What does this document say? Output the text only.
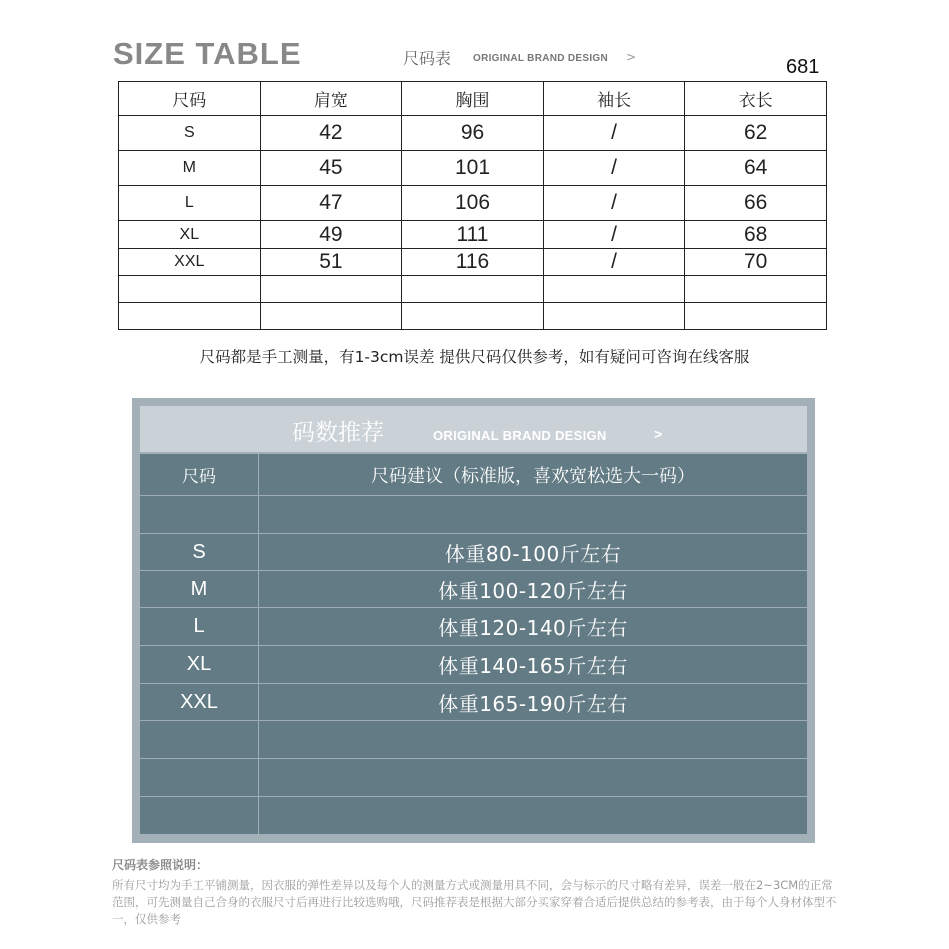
SIZE TABLE	尺码表 ORIGINAL BRAND DESIGN >	681
尺码	肩宽	胸围	袖长	衣长
S	42	96	/	62
M	45	101	/	64
L	47	106	/	66
XL	49	111	/	68
XXL	51	116	/	70

尺码都是手工测量，有1-3cm误差 提供尺码仅供参考，如有疑问可咨询在线客服
码数推荐	ORIGINAL BRAND DESIGN	>
尺码	尺码建议（标准版，喜欢宽松选大一码）
S	体重80-100斤左右
M	体重100-120斤左右
L	体重120-140斤左右
XL	体重140-165斤左右
XXL	体重165-190斤左右
尺码表参照说明：
所有尺寸均为手工平铺测量，因衣服的弹性差异以及每个人的测量方式或测量用具不同，会与标示的尺寸略有差异，误差一般在2~3CM的正常范围，可先测量自己合身的衣服尺寸后再进行比较选购哦，尺码推荐表是根据大部分买家穿着合适后提供总结的参考表，由于每个人身材体型不一，仅供参考
